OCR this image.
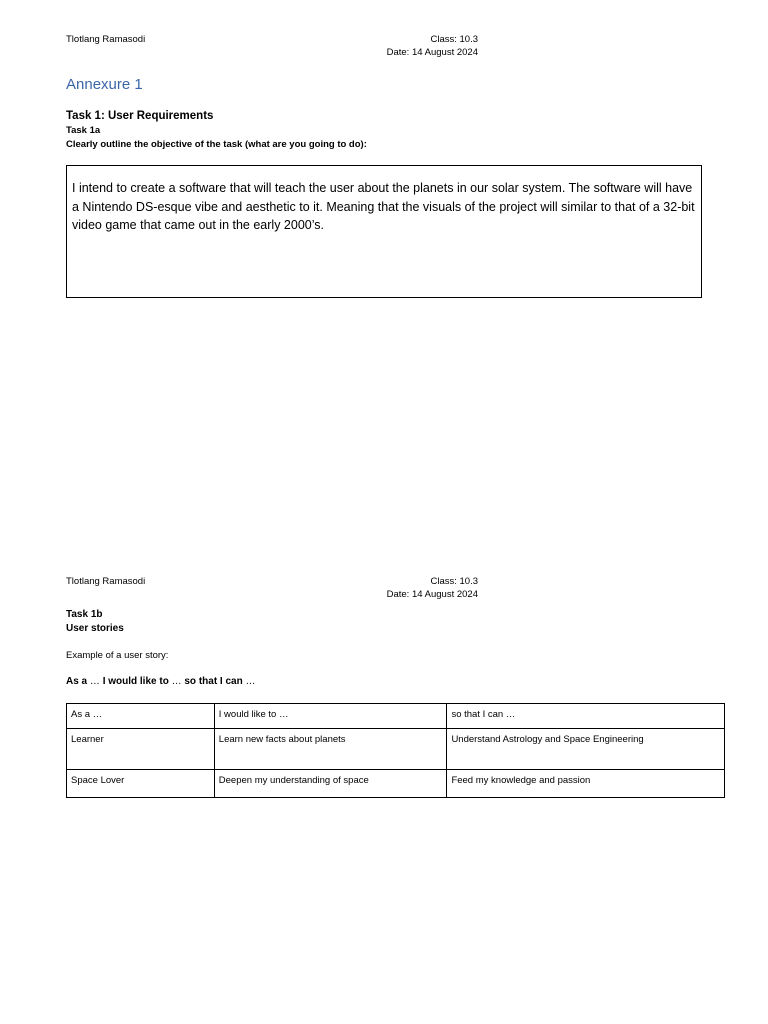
Tlotlang Ramasodi	Class: 10.3
Date: 14 August 2024
Annexure 1
Task 1: User Requirements
Task 1a
Clearly outline the objective of the task (what are you going to do):
I intend to create a software that will teach the user about the planets in our solar system. The software will have a Nintendo DS-esque vibe and aesthetic to it. Meaning that the visuals of the project will similar to that of a 32-bit video game that came out in the early 2000’s.
Tlotlang Ramasodi	Class: 10.3
Date: 14 August 2024
Task 1b
User stories
Example of a user story:
As a … I would like to … so that I can …
As a …	I would like to …	so that I can …
Learner	Learn new facts about planets	Understand Astrology and Space Engineering
Space Lover	Deepen my understanding of space	Feed my knowledge and passion
